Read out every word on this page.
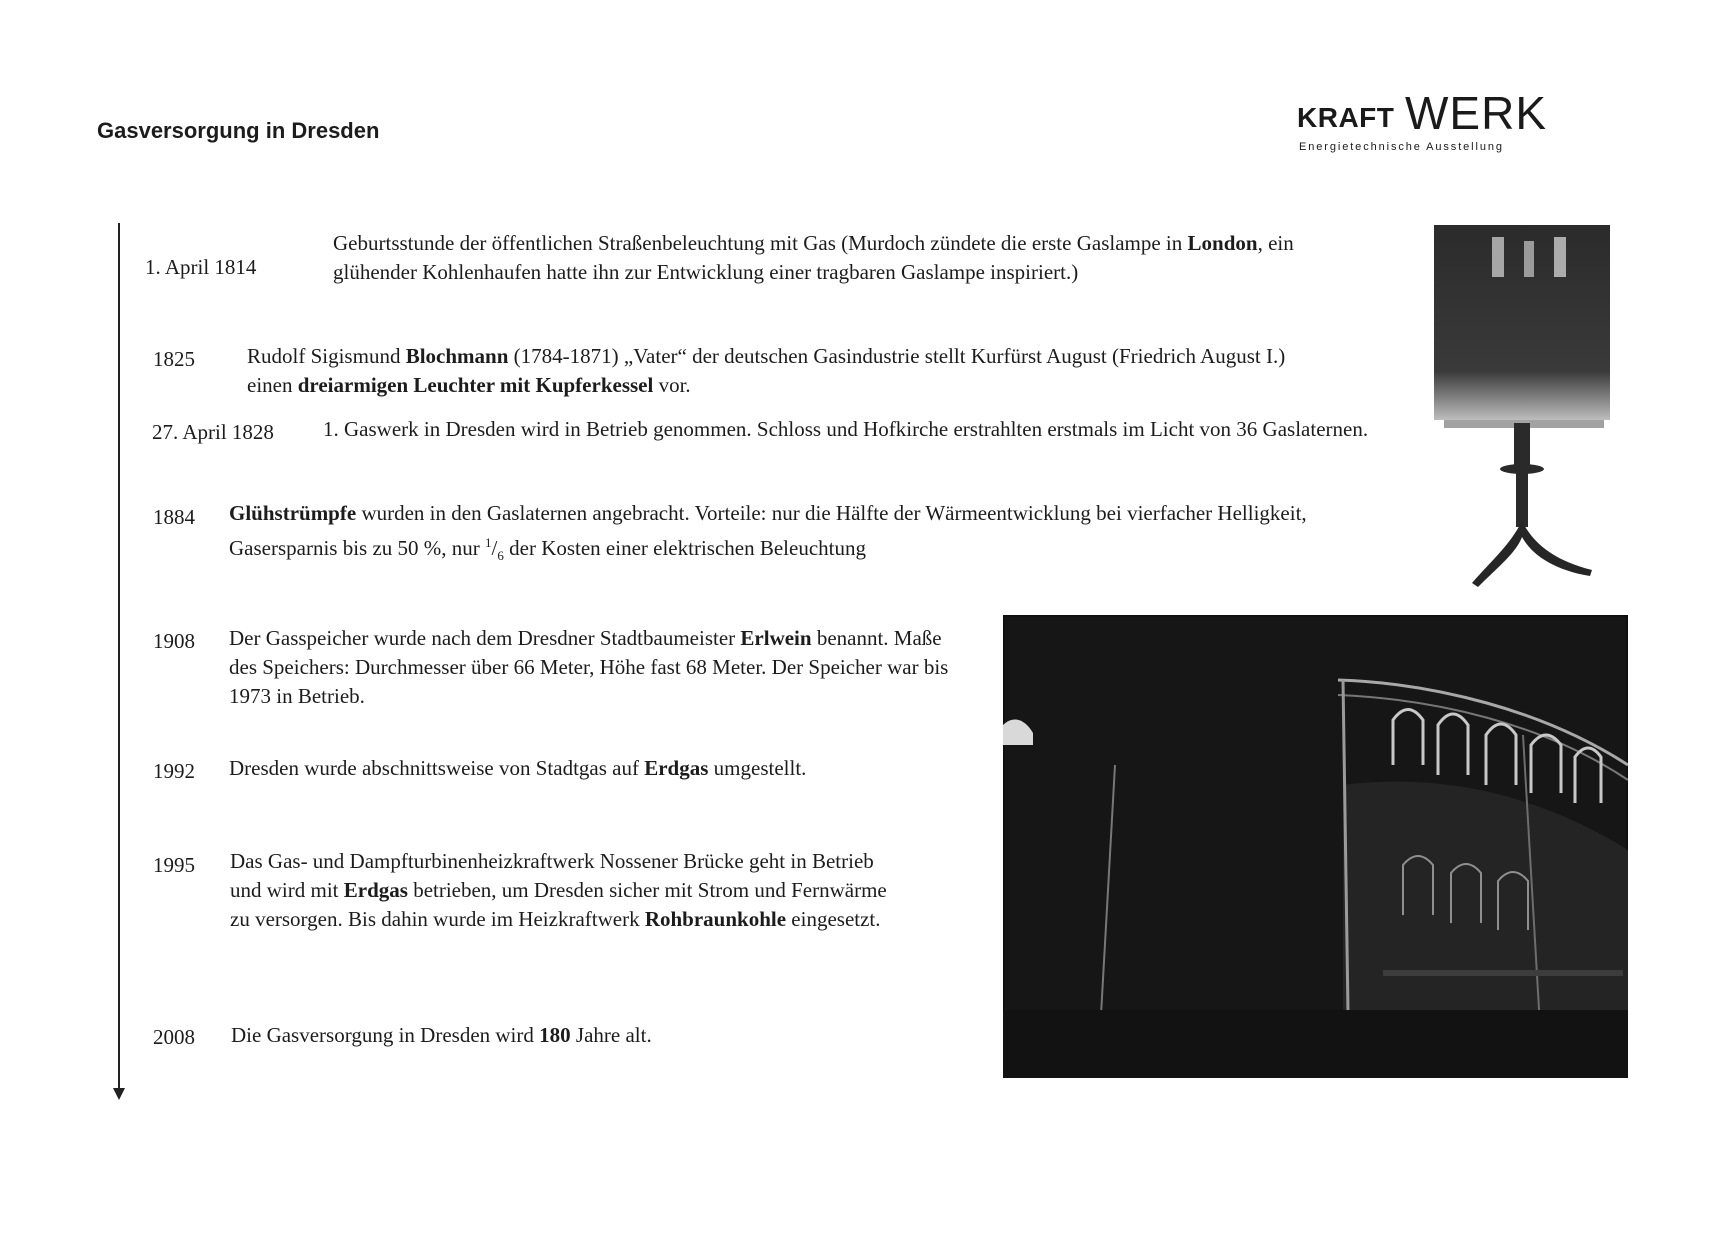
Gasversorgung in Dresden	KRAFT WERK
Energietechnische Ausstellung
1. April 1814
Geburtsstunde der öffentlichen Straßenbeleuchtung mit Gas (Murdoch zündete die erste Gaslampe in London, ein glühender Kohlenhaufen hatte ihn zur Entwicklung einer tragbaren Gaslampe inspiriert.)
1825 Rudolf Sigismund Blochmann (1784-1871) „Vater“ der deutschen Gasindustrie stellt Kurfürst August (Friedrich August I.) einen dreiarmigen Leuchter mit Kupferkessel vor.
27. April 1828 1. Gaswerk in Dresden wird in Betrieb genommen. Schloss und Hofkirche erstrahlten erstmals im Licht von 36 Gaslaternen.
1884 Glühstrümpfe wurden in den Gaslaternen angebracht. Vorteile: nur die Hälfte der Wärmeentwicklung bei vierfacher Helligkeit, Gasersparnis bis zu 50 %, nur $^1/_6$ der Kosten einer elektrischen Beleuchtung
1908 Der Gasspeicher wurde nach dem Dresdner Stadtbaumeister Erlwein benannt. Maße des Speichers: Durchmesser über 66 Meter, Höhe fast 68 Meter. Der Speicher war bis 1973 in Betrieb.
1992 Dresden wurde abschnittsweise von Stadtgas auf Erdgas umgestellt.
1995 Das Gas- und Dampfturbinenheizkraftwerk Nossener Brücke geht in Betrieb und wird mit Erdgas betrieben, um Dresden sicher mit Strom und Fernwärme zu versorgen. Bis dahin wurde im Heizkraftwerk Rohbraunkohle eingesetzt.
2008 Die Gasversorgung in Dresden wird 180 Jahre alt.
